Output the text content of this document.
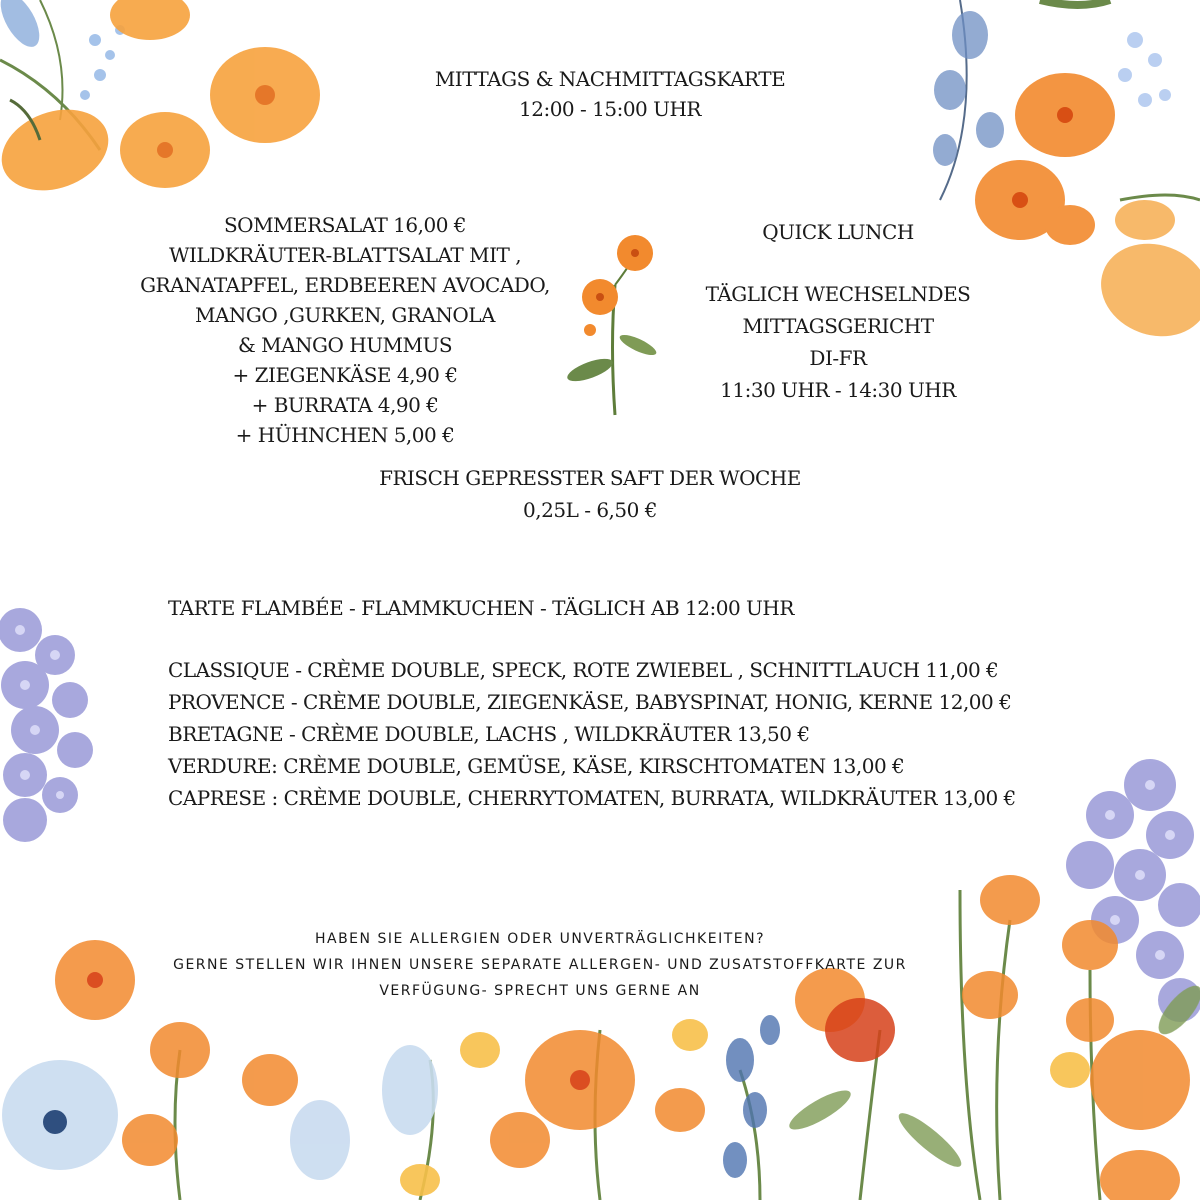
MITTAGS & NACHMITTAGSKARTE
12:00 - 15:00 UHR
SOMMERSALAT 16,00 €
WILDKRÄUTER-BLATTSALAT MIT ,
GRANATAPFEL, ERDBEEREN AVOCADO,
MANGO ,GURKEN, GRANOLA
& MANGO HUMMUS
+ ZIEGENKÄSE 4,90 €
+ BURRATA 4,90 €
+ HÜHNCHEN 5,00 €
QUICK LUNCH
TÄGLICH WECHSELNDES
MITTAGSGERICHT
DI-FR
11:30 UHR - 14:30 UHR
FRISCH GEPRESSTER SAFT DER WOCHE
0,25L - 6,50 €
TARTE FLAMBÉE - FLAMMKUCHEN - TÄGLICH AB 12:00 UHR
CLASSIQUE - CRÈME DOUBLE, SPECK, ROTE ZWIEBEL , SCHNITTLAUCH 11,00 €
PROVENCE - CRÈME DOUBLE, ZIEGENKÄSE, BABYSPINAT, HONIG, KERNE 12,00 €
BRETAGNE - CRÈME DOUBLE, LACHS , WILDKRÄUTER 13,50 €
VERDURE: CRÈME DOUBLE, GEMÜSE, KÄSE, KIRSCHTOMATEN 13,00 €
CAPRESE : CRÈME DOUBLE, CHERRYTOMATEN, BURRATA, WILDKRÄUTER 13,00 €
HABEN SIE ALLERGIEN ODER UNVERTRÄGLICHKEITEN?
GERNE STELLEN WIR IHNEN UNSERE SEPARATE ALLERGEN- UND ZUSATSTOFFKARTE ZUR
VERFÜGUNG- SPRECHT UNS GERNE AN
